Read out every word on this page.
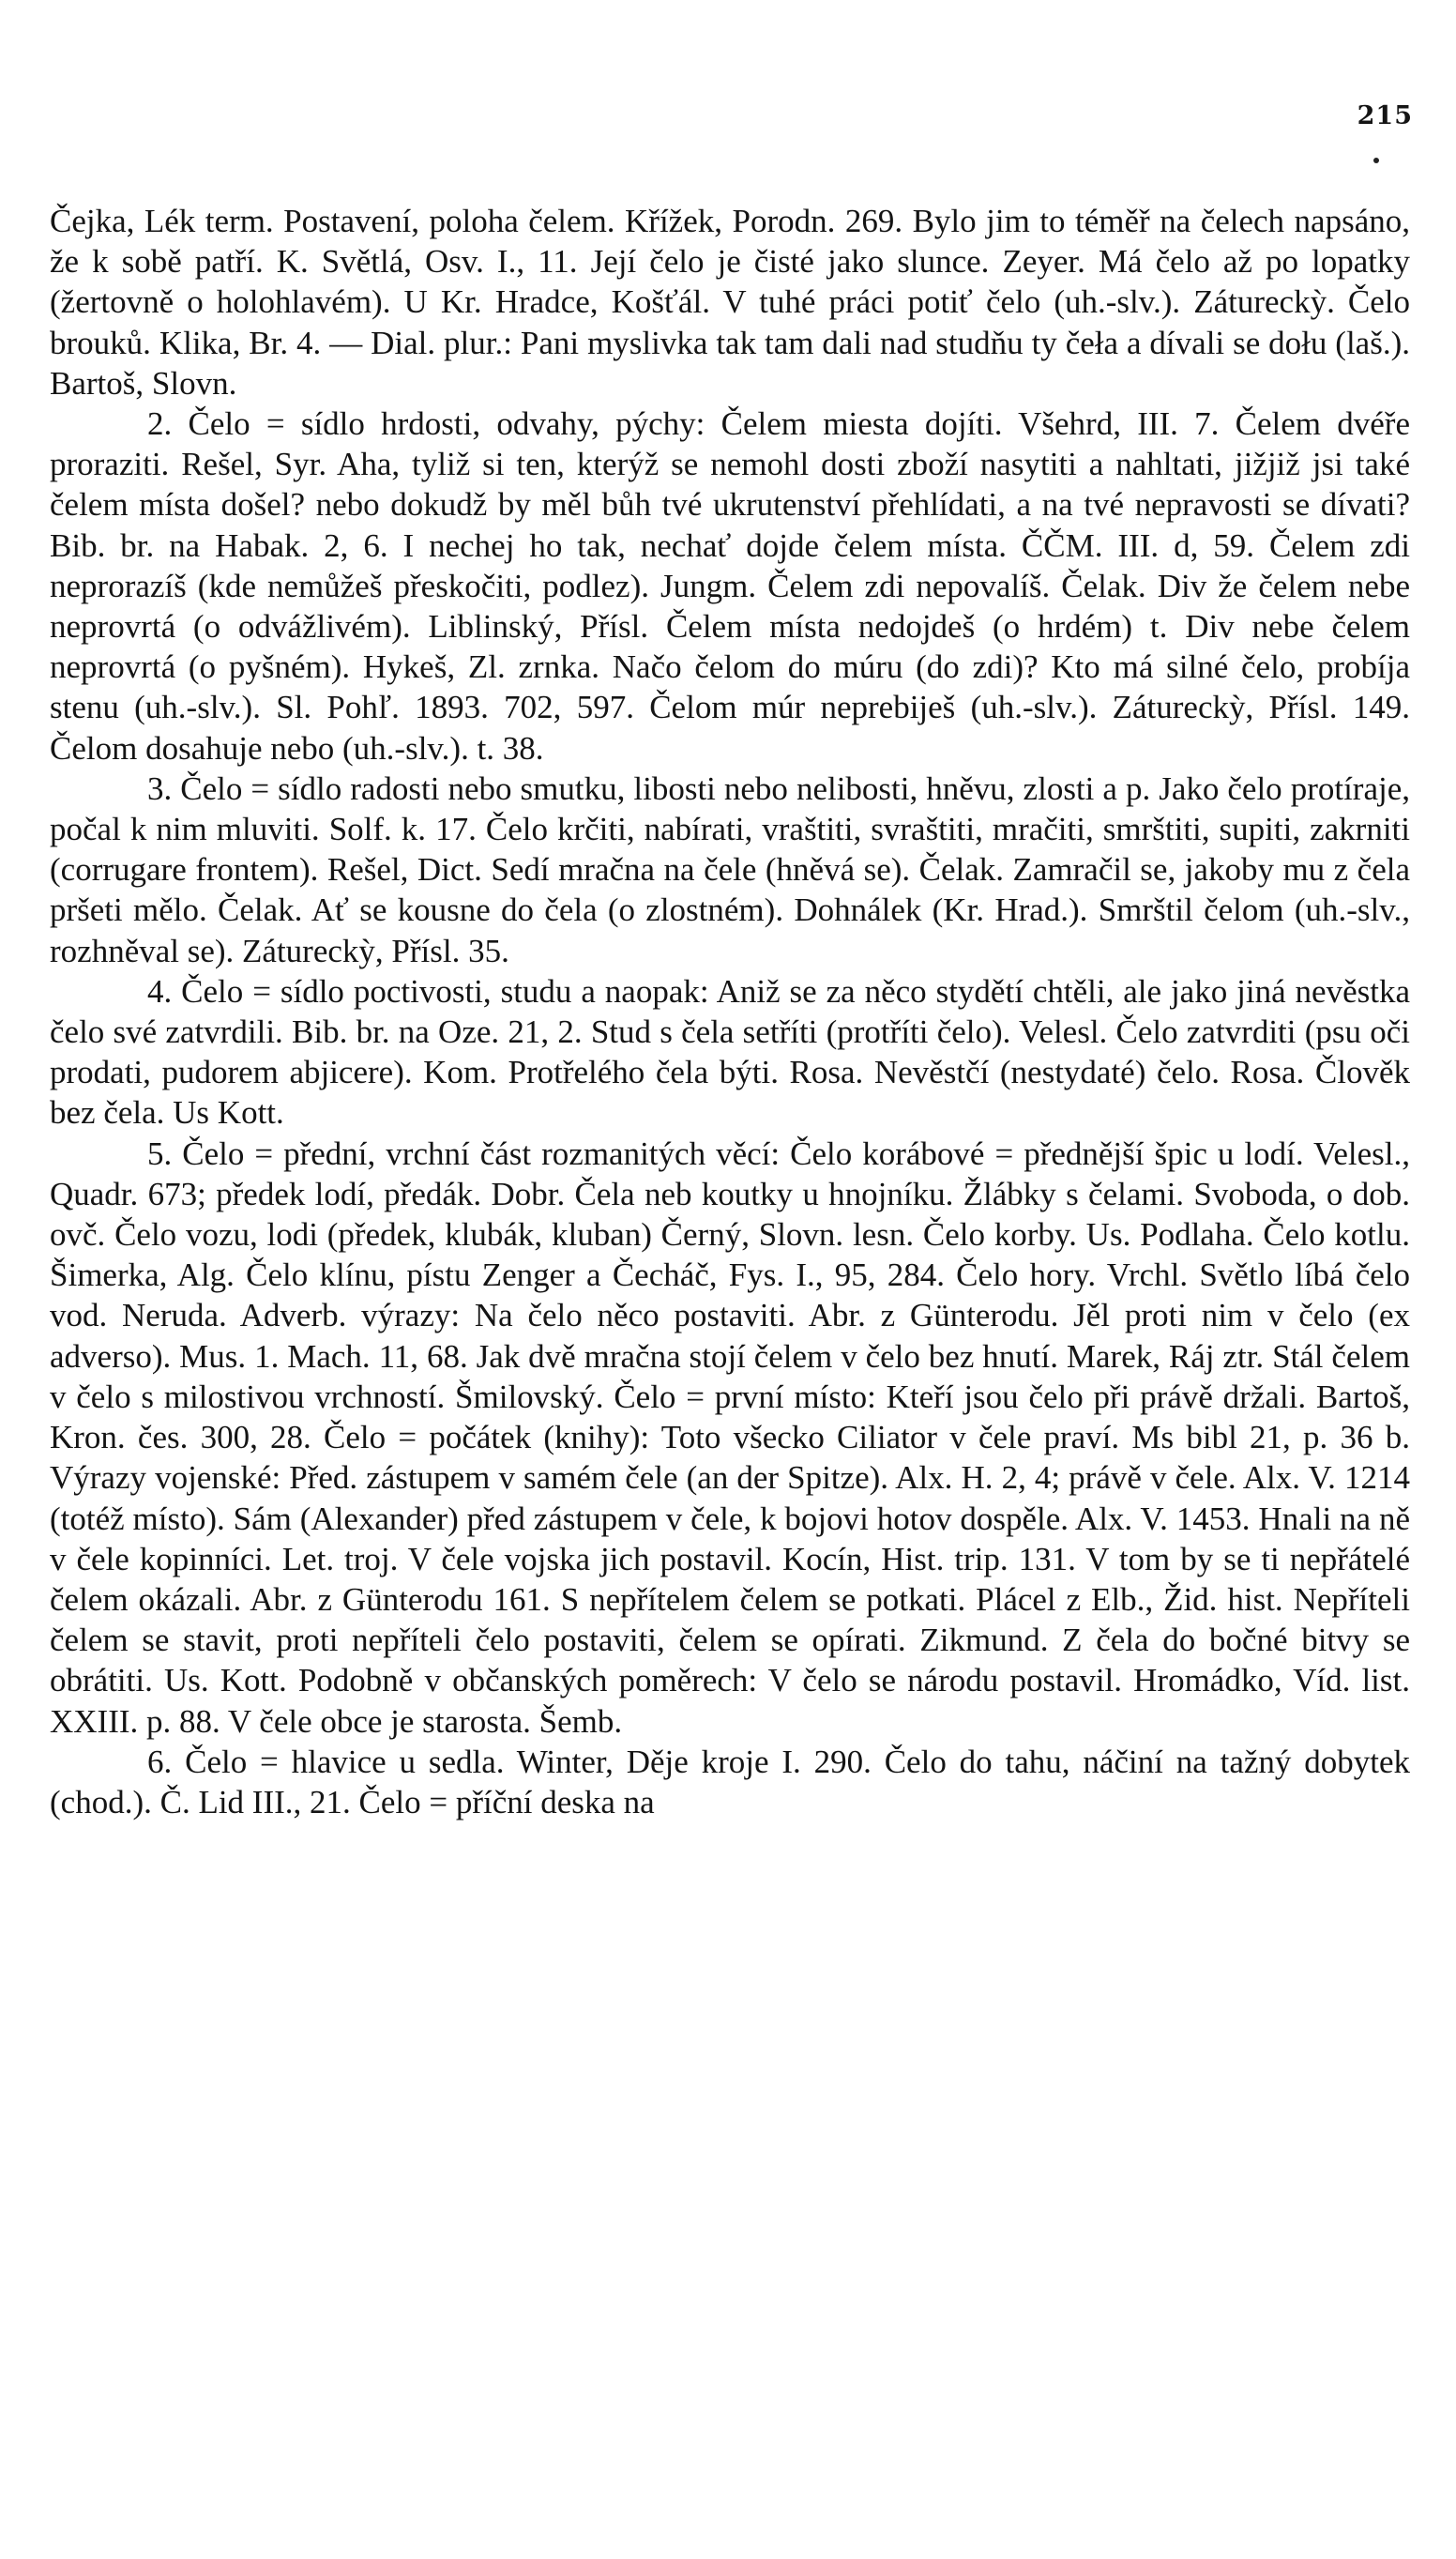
215

Čejka, Lék term. Postavení, poloha čelem. Křížek, Porodn. 269. Bylo jim to téměř na čelech napsáno, že k sobě patří. K. Světlá, Osv. I., 11. Její čelo je čisté jako slunce. Zeyer. Má čelo až po lopatky (žertovně o holohlavém). U Kr. Hradce, Košťál. V tuhé práci potiť čelo (uh.-slv.). Zátureckỳ. Čelo brouků. Klika, Br. 4. — Dial. plur.: Pani myslivka tak tam dali nad studňu ty čeła a dívali se dołu (laš.). Bartoš, Slovn.

2. Čelo = sídlo hrdosti, odvahy, pýchy: Čelem miesta dojíti. Všehrd, III. 7. Čelem dvéře proraziti. Rešel, Syr. Aha, tyliž si ten, kterýž se nemohl dosti zboží nasytiti a nahltati, jižjiž jsi také čelem místa došel? nebo dokudž by měl bůh tvé ukrutenství přehlídati, a na tvé nepravosti se dívati? Bib. br. na Habak. 2, 6. I nechej ho tak, nechať dojde čelem místa. ČČM. III. d, 59. Čelem zdi neprorazíš (kde nemůžeš přeskočiti, podlez). Jungm. Čelem zdi nepovalíš. Čelak. Div že čelem nebe neprovrtá (o odvážlivém). Liblinský, Přísl. Čelem místa nedojdeš (o hrdém) t. Div nebe čelem neprovrtá (o pyšném). Hykeš, Zl. zrnka. Načo čelom do múru (do zdi)? Kto má silné čelo, probíja stenu (uh.-slv.). Sl. Pohľ. 1893. 702, 597. Čelom múr neprebiješ (uh.-slv.). Zátureckỳ, Přísl. 149. Čelom dosahuje nebo (uh.-slv.). t. 38.

3. Čelo = sídlo radosti nebo smutku, libosti nebo nelibosti, hněvu, zlosti a p. Jako čelo protíraje, počal k nim mluviti. Solf. k. 17. Čelo krčiti, nabírati, vraštiti, svraštiti, mračiti, smrštiti, supiti, zakrniti (corrugare frontem). Rešel, Dict. Sedí mračna na čele (hněvá se). Čelak. Zamračil se, jakoby mu z čela pršeti mělo. Čelak. Ať se kousne do čela (o zlostném). Dohnálek (Kr. Hrad.). Smrštil čelom (uh.-slv., rozhněval se). Zátureckỳ, Přísl. 35.

4. Čelo = sídlo poctivosti, studu a naopak: Aniž se za něco stydětí chtěli, ale jako jiná nevěstka čelo své zatvrdili. Bib. br. na Oze. 21, 2. Stud s čela setříti (protříti čelo). Velesl. Čelo zatvrditi (psu oči prodati, pudorem abjicere). Kom. Protřelého čela býti. Rosa. Nevěstčí (nestydaté) čelo. Rosa. Člověk bez čela. Us Kott.

5. Čelo = přední, vrchní část rozmanitých věcí: Čelo korábové = přednější špic u lodí. Velesl., Quadr. 673; předek lodí, předák. Dobr. Čela neb koutky u hnojníku. Žlábky s čelami. Svoboda, o dob. ovč. Čelo vozu, lodi (předek, klubák, kluban) Černý, Slovn. lesn. Čelo korby. Us. Podlaha. Čelo kotlu. Šimerka, Alg. Čelo klínu, pístu Zenger a Čecháč, Fys. I., 95, 284. Čelo hory. Vrchl. Světlo líbá čelo vod. Neruda. Adverb. výrazy: Na čelo něco postaviti. Abr. z Günterodu. Jěl proti nim v čelo (ex adverso). Mus. 1. Mach. 11, 68. Jak dvě mračna stojí čelem v čelo bez hnutí. Marek, Ráj ztr. Stál čelem v čelo s milostivou vrchností. Šmilovský. Čelo = první místo: Kteří jsou čelo při právě držali. Bartoš, Kron. čes. 300, 28. Čelo = počátek (knihy): Toto všecko Ciliator v čele praví. Ms bibl 21, p. 36 b. Výrazy vojenské: Před. zástupem v samém čele (an der Spitze). Alx. H. 2, 4; právě v čele. Alx. V. 1214 (totéž místo). Sám (Alexander) před zástupem v čele, k bojovi hotov dospěle. Alx. V. 1453. Hnali na ně v čele kopinníci. Let. troj. V čele vojska jich postavil. Kocín, Hist. trip. 131. V tom by se ti nepřátelé čelem okázali. Abr. z Günterodu 161. S nepřítelem čelem se potkati. Plácel z Elb., Žid. hist. Nepříteli čelem se stavit, proti nepříteli čelo postaviti, čelem se opírati. Zikmund. Z čela do bočné bitvy se obrátiti. Us. Kott. Podobně v občanských poměrech: V čelo se národu postavil. Hromádko, Víd. list. XXIII. p. 88. V čele obce je starosta. Šemb.

6. Čelo = hlavice u sedla. Winter, Děje kroje I. 290. Čelo do tahu, náčiní na tažný dobytek (chod.). Č. Lid III., 21. Čelo = příční deska na
